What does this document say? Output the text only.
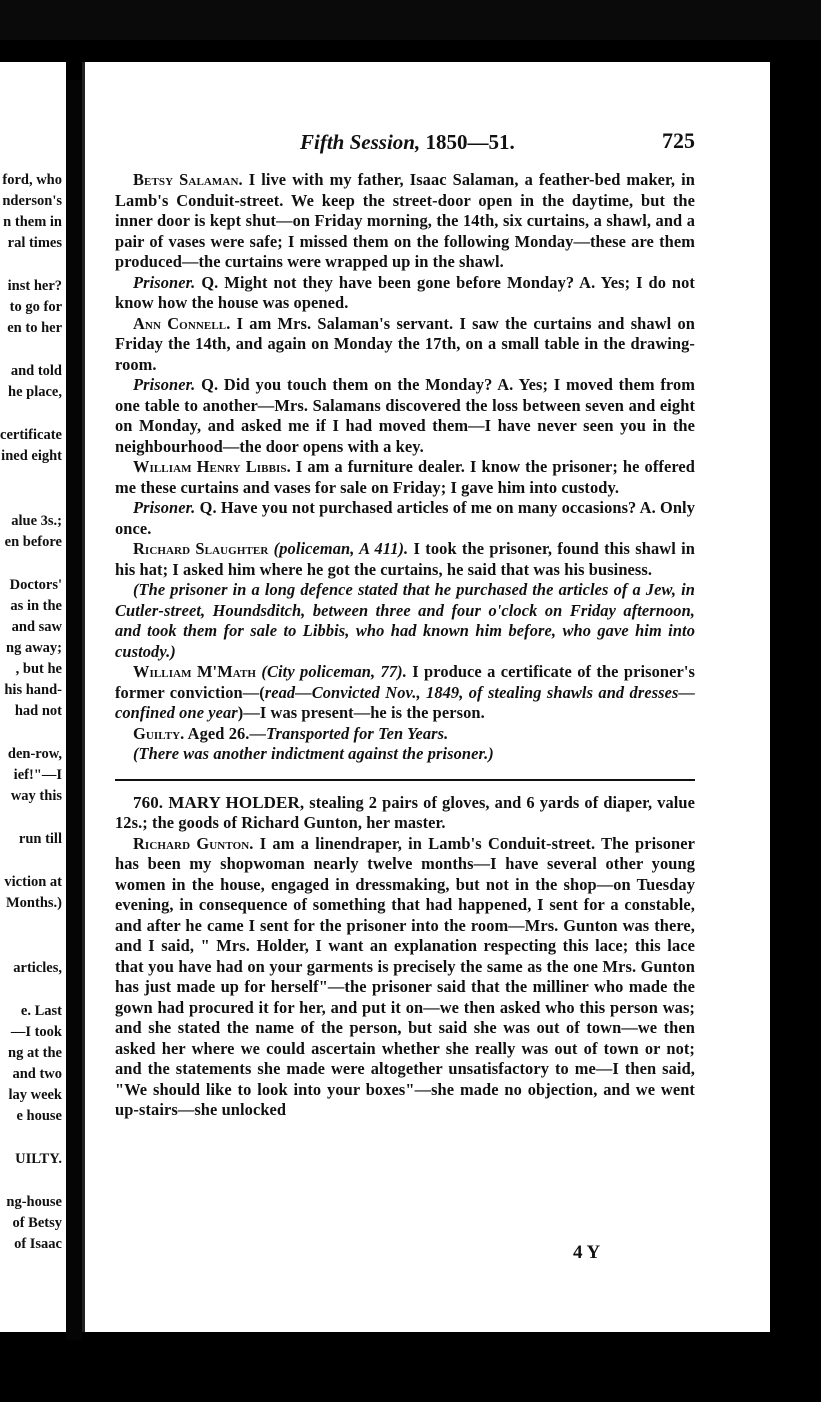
ford, who
nderson's
n them in
ral times
inst her?
to go for
en to her
and told
he place,
certificate
ined eight
alue 3s.;
en before
Doctors'
as in the
and saw
ng away;
, but he
his hand-
had not
den-row,
ief!"—I
way this
run till
viction at
Months.)
articles,
e. Last
—I took
ng at the
and two
lay week
e house
UILTY.
ng-house
of Betsy
of Isaac
Fifth Session, 1850—51.	725

Betsy Salaman. I live with my father, Isaac Salaman, a feather-bed maker, in Lamb's Conduit-street. We keep the street-door open in the daytime, but the inner door is kept shut—on Friday morning, the 14th, six curtains, a shawl, and a pair of vases were safe; I missed them on the following Monday—these are them produced—the curtains were wrapped up in the shawl.

Prisoner. Q. Might not they have been gone before Monday? A. Yes; I do not know how the house was opened.

Ann Connell. I am Mrs. Salaman's servant. I saw the curtains and shawl on Friday the 14th, and again on Monday the 17th, on a small table in the drawing-room.

Prisoner. Q. Did you touch them on the Monday? A. Yes; I moved them from one table to another—Mrs. Salamans discovered the loss between seven and eight on Monday, and asked me if I had moved them—I have never seen you in the neighbourhood—the door opens with a key.

William Henry Libbis. I am a furniture dealer. I know the prisoner; he offered me these curtains and vases for sale on Friday; I gave him into custody.

Prisoner. Q. Have you not purchased articles of me on many occasions? A. Only once.

Richard Slaughter (policeman, A 411). I took the prisoner, found this shawl in his hat; I asked him where he got the curtains, he said that was his business.

(The prisoner in a long defence stated that he purchased the articles of a Jew, in Cutler-street, Houndsditch, between three and four o'clock on Friday afternoon, and took them for sale to Libbis, who had known him before, who gave him into custody.)

William M'Math (City policeman, 77). I produce a certificate of the prisoner's former conviction—(read—Convicted Nov., 1849, of stealing shawls and dresses—confined one year)—I was present—he is the person.

Guilty. Aged 26.—Transported for Ten Years.

(There was another indictment against the prisoner.)

760. MARY HOLDER, stealing 2 pairs of gloves, and 6 yards of diaper, value 12s.; the goods of Richard Gunton, her master.

Richard Gunton. I am a linendraper, in Lamb's Conduit-street. The prisoner has been my shopwoman nearly twelve months—I have several other young women in the house, engaged in dressmaking, but not in the shop—on Tuesday evening, in consequence of something that had happened, I sent for a constable, and after he came I sent for the prisoner into the room—Mrs. Gunton was there, and I said, " Mrs. Holder, I want an explanation respecting this lace; this lace that you have had on your garments is precisely the same as the one Mrs. Gunton has just made up for herself"—the prisoner said that the milliner who made the gown had procured it for her, and put it on—we then asked who this person was; and she stated the name of the person, but said she was out of town—we then asked her where we could ascertain whether she really was out of town or not; and the statements she made were altogether unsatisfactory to me—I then said, "We should like to look into your boxes"—she made no objection, and we went up-stairs—she unlocked

4 Y
